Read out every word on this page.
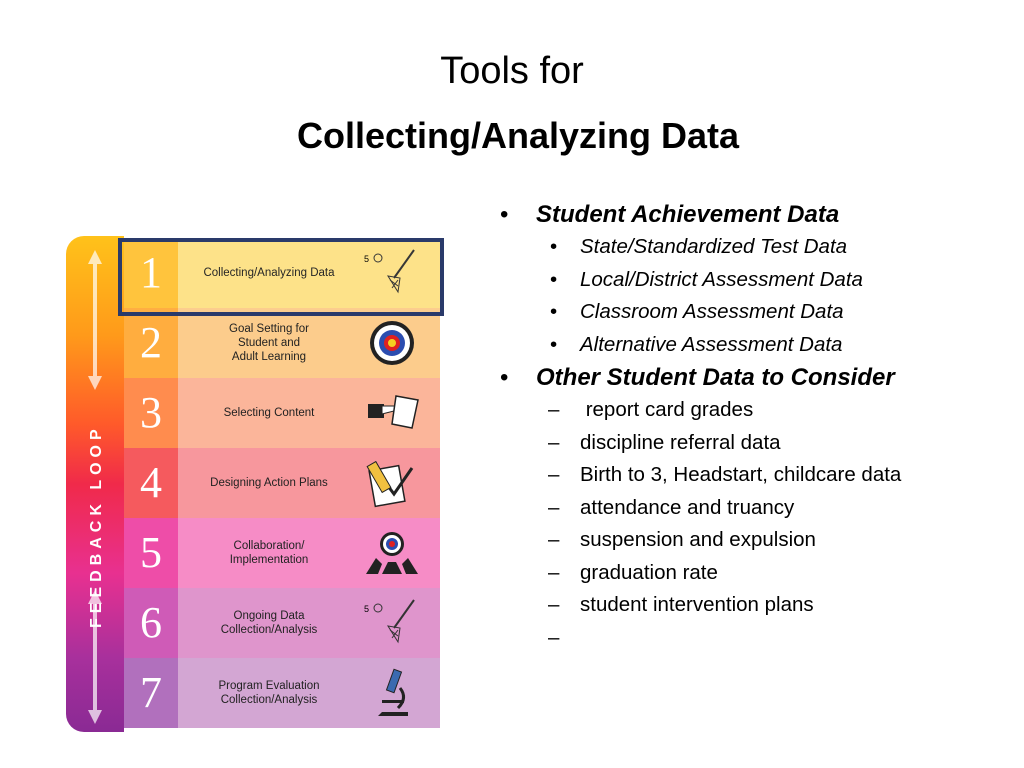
Tools for
Collecting/Analyzing Data
1	Collecting/Analyzing Data
5
2	Goal Setting for
Student and
Adult Learning
3	Selecting Content
4	Designing Action Plans
5	Collaboration/
Implementation
6	Ongoing Data
Collection/Analysis
5
7	Program Evaluation
Collection/Analysis
• Student Achievement Data
• State/Standardized Test Data
• Local/District Assessment Data
• Classroom Assessment Data
• Alternative Assessment Data
• Other Student Data to Consider
–  report card grades
– discipline referral data
– Birth to 3, Headstart, childcare data
– attendance and truancy
– suspension and expulsion
– graduation rate
– student intervention plans
